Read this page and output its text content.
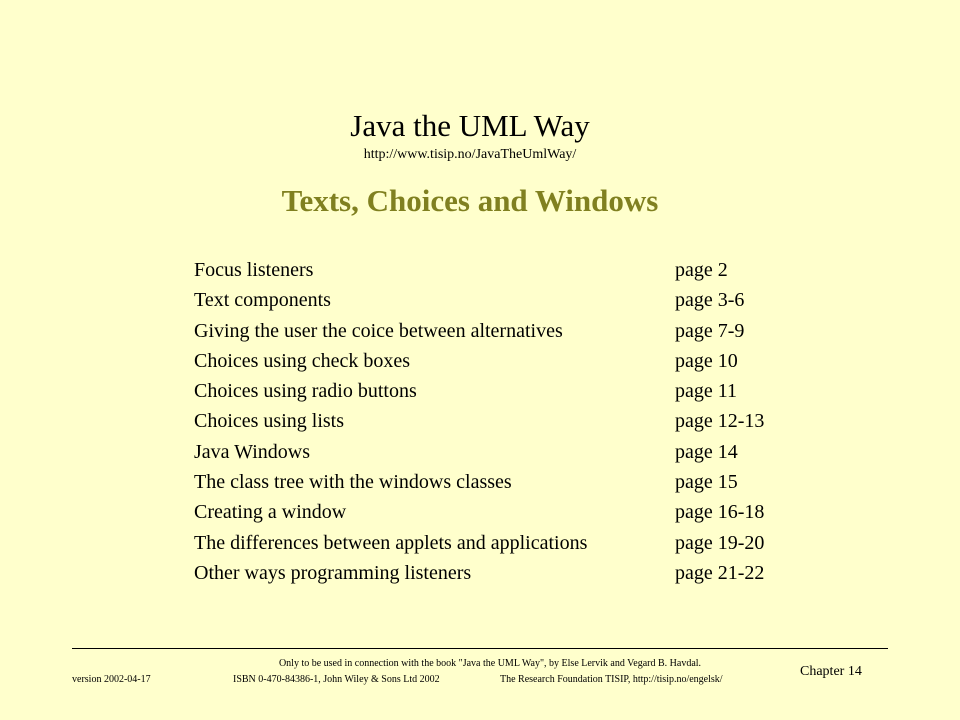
Java the UML Way
http://www.tisip.no/JavaTheUmlWay/
Texts, Choices and Windows
Focus listeners	page 2
Text components	page 3-6
Giving the user the coice between alternatives	page 7-9
Choices using check boxes	page 10
Choices using radio buttons	page 11
Choices using lists	page 12-13
Java Windows	page 14
The class tree with the windows classes	page 15
Creating a window	page 16-18
The differences between applets and applications	page 19-20
Other ways programming listeners	page 21-22
version 2002-04-17
Only to be used in connection with the book "Java the UML Way", by Else Lervik and Vegard B. Havdal.
ISBN 0-470-84386-1, John Wiley & Sons Ltd 2002	The Research Foundation TISIP, http://tisip.no/engelsk/
Chapter 14
